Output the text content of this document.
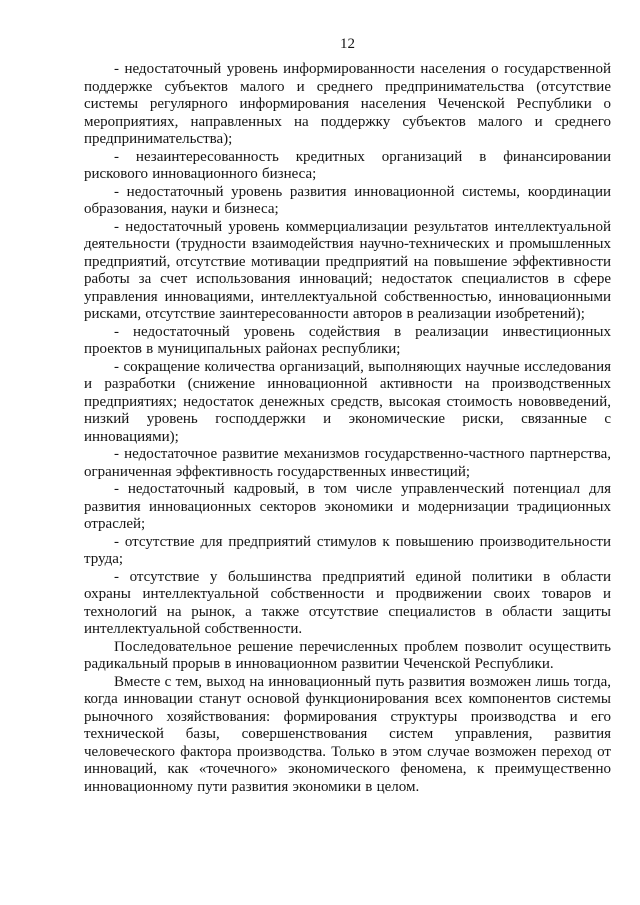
12

- недостаточный уровень информированности населения о государственной поддержке субъектов малого и среднего предпринимательства (отсутствие системы регулярного информирования населения Чеченской Республики о мероприятиях, направленных на поддержку субъектов малого и среднего предпринимательства);

- незаинтересованность кредитных организаций в финансировании рискового инновационного бизнеса;

- недостаточный уровень развития инновационной системы, координации образования, науки и бизнеса;

- недостаточный уровень коммерциализации результатов интеллектуальной деятельности (трудности взаимодействия научно-технических и промышленных предприятий, отсутствие мотивации предприятий на повышение эффективности работы за счет использования инноваций; недостаток специалистов в сфере управления инновациями, интеллектуальной собственностью, инновационными рисками, отсутствие заинтересованности авторов в реализации изобретений);

- недостаточный уровень содействия в реализации инвестиционных проектов в муниципальных районах республики;

- сокращение количества организаций, выполняющих научные исследования и разработки (снижение инновационной активности на производственных предприятиях; недостаток денежных средств, высокая стоимость нововведений, низкий уровень господдержки и экономические риски, связанные с инновациями);

- недостаточное развитие механизмов государственно-частного партнерства, ограниченная эффективность государственных инвестиций;

- недостаточный кадровый, в том числе управленческий потенциал для развития инновационных секторов экономики и модернизации традиционных отраслей;

- отсутствие для предприятий стимулов к повышению производительности труда;

- отсутствие у большинства предприятий единой политики в области охраны интеллектуальной собственности и продвижении своих товаров и технологий на рынок, а также отсутствие специалистов в области защиты интеллектуальной собственности.

Последовательное решение перечисленных проблем позволит осуществить радикальный прорыв в инновационном развитии Чеченской Республики.

Вместе с тем, выход на инновационный путь развития возможен лишь тогда, когда инновации станут основой функционирования всех компонентов системы рыночного хозяйствования: формирования структуры производства и его технической базы, совершенствования систем управления, развития человеческого фактора производства. Только в этом случае возможен переход от инноваций, как «точечного» экономического феномена, к преимущественно инновационному пути развития экономики в целом.
